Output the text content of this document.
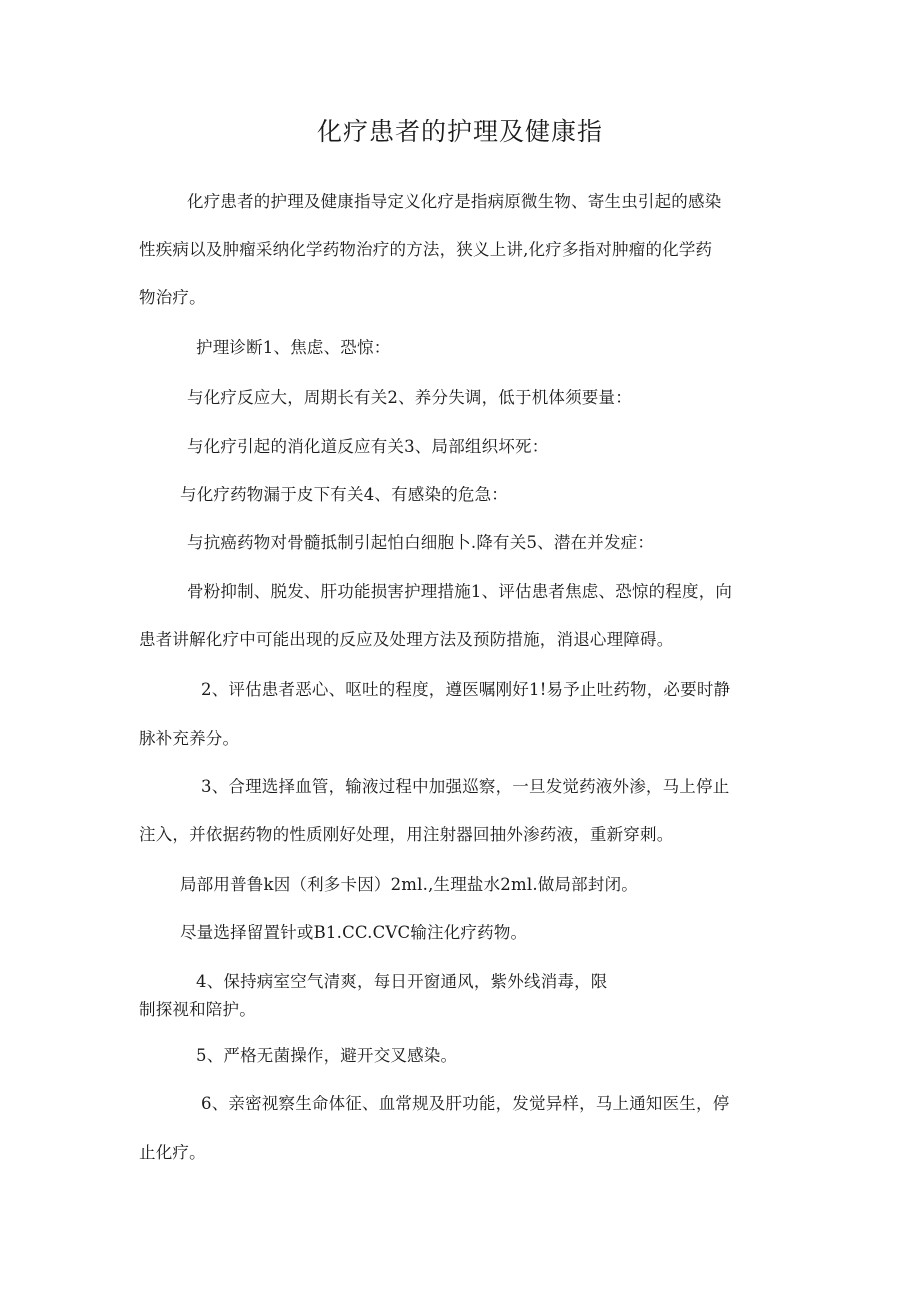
化疗患者的护理及健康指
化疗患者的护理及健康指导定义化疗是指病原微生物、寄生虫引起的感染
性疾病以及肿瘤采纳化学药物治疗的方法，狭义上讲,化疗多指对肿瘤的化学药
物治疗。
护理诊断1、焦虑、恐惊：
与化疗反应大，周期长有关2、养分失调，低于机体须要量：
与化疗引起的消化道反应有关3、局部组织坏死：
与化疗药物漏于皮下有关4、有感染的危急：
与抗癌药物对骨髓抵制引起怕白细胞卜.降有关5、潜在并发症：
骨粉抑制、脱发、肝功能损害护理措施1、评估患者焦虑、恐惊的程度，向
患者讲解化疗中可能出现的反应及处理方法及预防措施，消退心理障碍。
2、评估患者恶心、呕吐的程度，遵医嘱刚好1!易予止吐药物，必要时静
脉补充养分。
3、合理选择血管，输液过程中加强巡察，一旦发觉药液外渗，马上停止
注入，并依据药物的性质刚好处理，用注射器回抽外渗药液，重新穿刺。
局部用普鲁k因（利多卡因）2ml.,生理盐水2ml.做局部封闭。
尽量选择留置针或B1.CC.CVC输注化疗药物。
4、保持病室空气清爽，每日开窗通风，紫外线消毒，限
制探视和陪护。
5、严格无菌操作，避开交叉感染。
6、亲密视察生命体征、血常规及肝功能，发觉异样，马上通知医生，停
止化疗。
